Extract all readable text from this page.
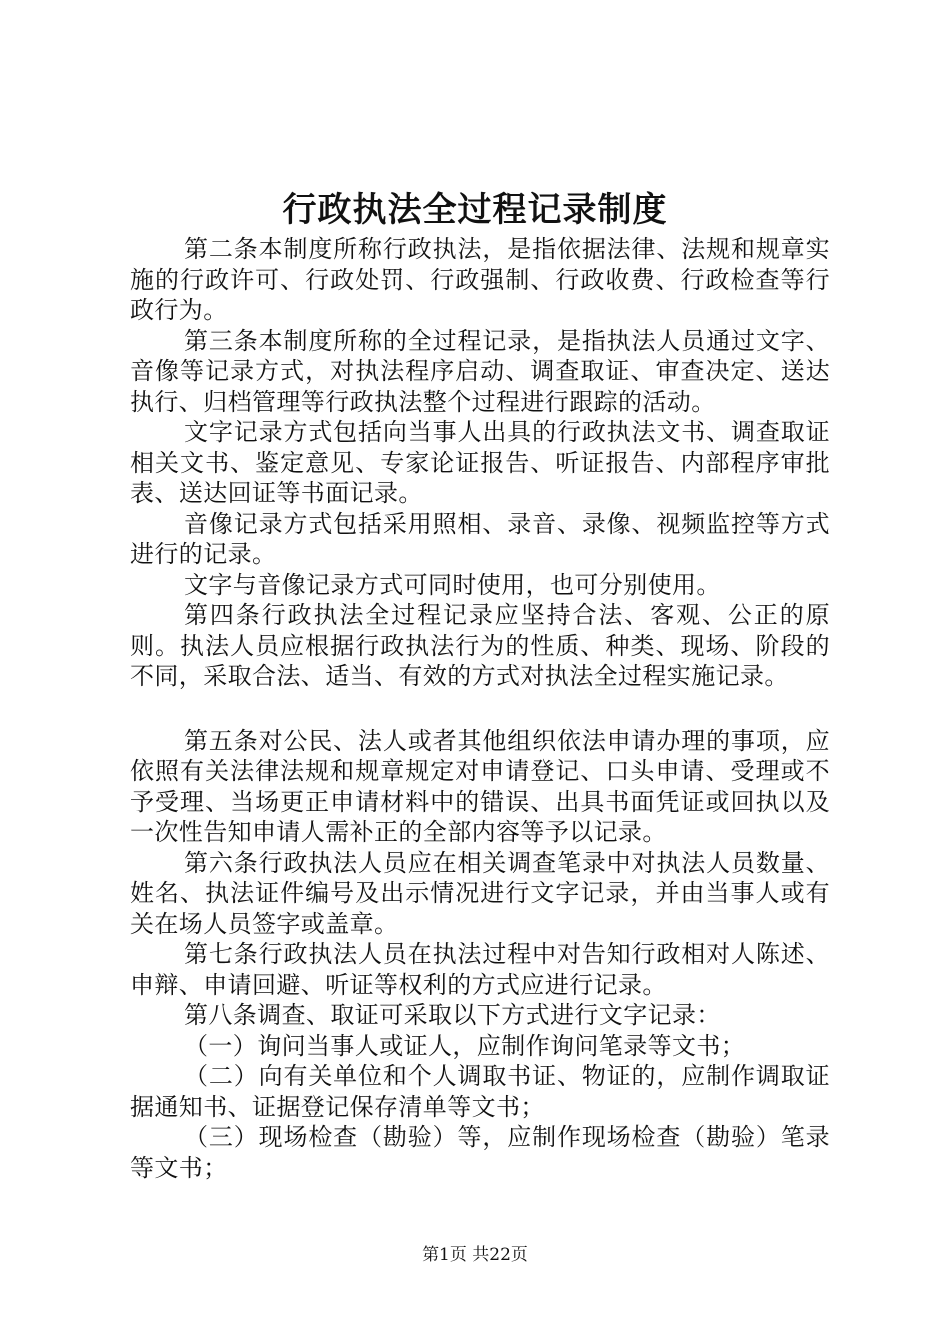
行政执法全过程记录制度

第二条本制度所称行政执法，是指依据法律、法规和规章实施的行政许可、行政处罚、行政强制、行政收费、行政检查等行政行为。

第三条本制度所称的全过程记录，是指执法人员通过文字、音像等记录方式，对执法程序启动、调查取证、审查决定、送达执行、归档管理等行政执法整个过程进行跟踪的活动。

文字记录方式包括向当事人出具的行政执法文书、调查取证相关文书、鉴定意见、专家论证报告、听证报告、内部程序审批表、送达回证等书面记录。

音像记录方式包括采用照相、录音、录像、视频监控等方式进行的记录。

文字与音像记录方式可同时使用，也可分别使用。

第四条行政执法全过程记录应坚持合法、客观、公正的原则。执法人员应根据行政执法行为的性质、种类、现场、阶段的不同，采取合法、适当、有效的方式对执法全过程实施记录。

第五条对公民、法人或者其他组织依法申请办理的事项，应依照有关法律法规和规章规定对申请登记、口头申请、受理或不予受理、当场更正申请材料中的错误、出具书面凭证或回执以及一次性告知申请人需补正的全部内容等予以记录。

第六条行政执法人员应在相关调查笔录中对执法人员数量、姓名、执法证件编号及出示情况进行文字记录，并由当事人或有关在场人员签字或盖章。

第七条行政执法人员在执法过程中对告知行政相对人陈述、申辩、申请回避、听证等权利的方式应进行记录。

第八条调查、取证可采取以下方式进行文字记录：

（一）询问当事人或证人，应制作询问笔录等文书；

（二）向有关单位和个人调取书证、物证的，应制作调取证据通知书、证据登记保存清单等文书；

（三）现场检查（勘验）等，应制作现场检查（勘验）笔录等文书；

第1页 共22页
